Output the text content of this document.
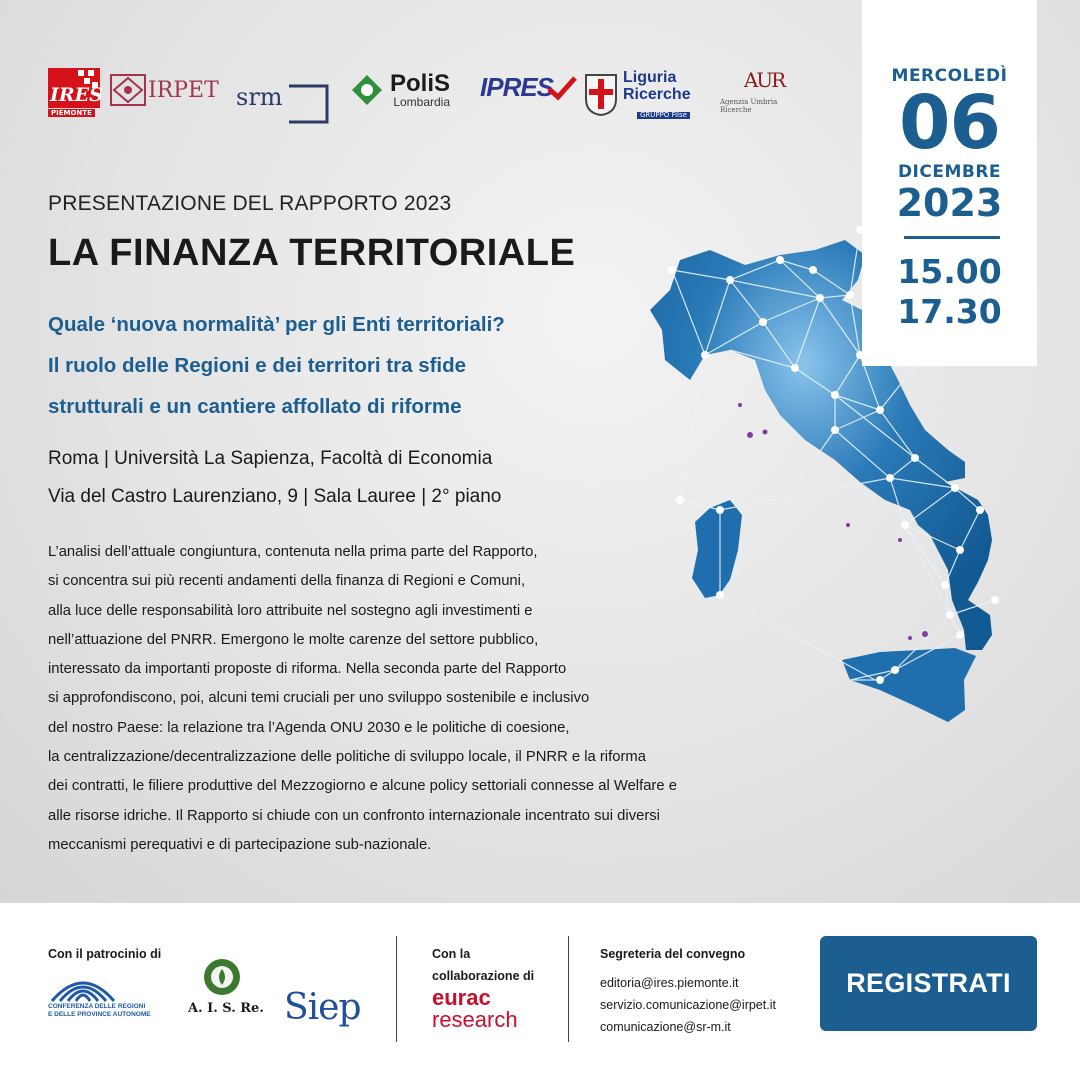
IRES
PIEMONTE
IRPET srm	PoliS
Lombardia IPRES	Liguria
Ricerche
GRUPPO Filse
AUR
Agenzia Umbria Ricerche
PRESENTAZIONE DEL RAPPORTO 2023
LA FINANZA TERRITORIALE
Quale ‘nuova normalità’ per gli Enti territoriali?
Il ruolo delle Regioni e dei territori tra sfide
strutturali e un cantiere affollato di riforme
Roma | Università La Sapienza, Facoltà di Economia
Via del Castro Laurenziano, 9 | Sala Lauree | 2° piano
L’analisi dell’attuale congiuntura, contenuta nella prima parte del Rapporto,
si concentra sui più recenti andamenti della finanza di Regioni e Comuni,
alla luce delle responsabilità loro attribuite nel sostegno agli investimenti e
nell’attuazione del PNRR. Emergono le molte carenze del settore pubblico,
interessato da importanti proposte di riforma. Nella seconda parte del Rapporto
si approfondiscono, poi, alcuni temi cruciali per uno sviluppo sostenibile e inclusivo
del nostro Paese: la relazione tra l’Agenda ONU 2030 e le politiche di coesione,
la centralizzazione/decentralizzazione delle politiche di sviluppo locale, il PNRR e la riforma
dei contratti, le filiere produttive del Mezzogiorno e alcune policy settoriali connesse al Welfare e
alle risorse idriche. Il Rapporto si chiude con un confronto internazionale incentrato sui diversi
meccanismi perequativi e di partecipazione sub-nazionale.
MERCOLEDÌ
06
DICEMBRE
2023
15.00
17.30
Con il patrocinio di
CONFERENZA DELLE REGIONI
E DELLE PROVINCE AUTONOME	A. I. S. Re. Siep
Con la
collaborazione di
eurac
research
Segreteria del convegno
editoria@ires.piemonte.it
servizio.comunicazione@irpet.it
comunicazione@sr-m.it
REGISTRATI
